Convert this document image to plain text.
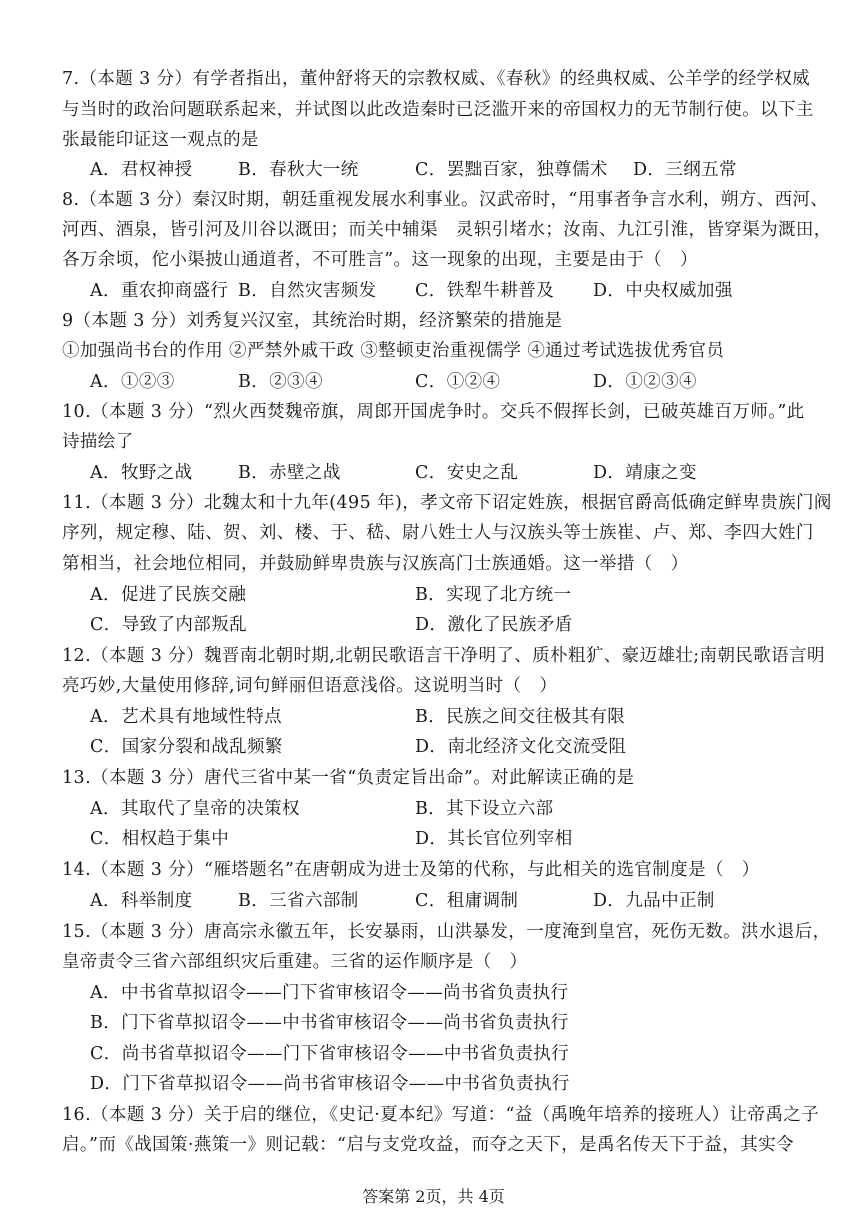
7.（本题 3 分）有学者指出，董仲舒将天的宗教权威、《春秋》的经典权威、公羊学的经学权威
与当时的政治问题联系起来，并试图以此改造秦时已泛滥开来的帝国权力的无节制行使。以下主
张最能印证这一观点的是
A．君权神授	B．春秋大一统	C．罢黜百家，独尊儒术 D．三纲五常
8.（本题 3 分）秦汉时期，朝廷重视发展水利事业。汉武帝时，“用事者争言水利，朔方、西河、
河西、酒泉，皆引河及川谷以溉田；而关中辅渠　灵轵引堵水；汝南、九江引淮，皆穿渠为溉田，
各万余顷，佗小渠披山通道者，不可胜言”。这一现象的出现，主要是由于（　）
A．重农抑商盛行 B．自然灾害频发 C．铁犁牛耕普及 D．中央权威加强
9（本题 3 分）刘秀复兴汉室，其统治时期，经济繁荣的措施是
①加强尚书台的作用 ②严禁外戚干政 ③整顿吏治重视儒学 ④通过考试选拔优秀官员
A．①②③	B．②③④	C．①②④	D．①②③④
10.（本题 3 分）“烈火西焚魏帝旗，周郎开国虎争时。交兵不假挥长剑，已破英雄百万师。”此
诗描绘了
A．牧野之战	B．赤壁之战	C．安史之乱	D．靖康之变
11.（本题 3 分）北魏太和十九年(495 年)，孝文帝下诏定姓族，根据官爵高低确定鲜卑贵族门阀
序列，规定穆、陆、贺、刘、楼、于、嵇、尉八姓士人与汉族头等士族崔、卢、郑、李四大姓门
第相当，社会地位相同，并鼓励鲜卑贵族与汉族高门士族通婚。这一举措（　）
A．促进了民族交融	B．实现了北方统一
C．导致了内部叛乱	D．激化了民族矛盾
12.（本题 3 分）魏晋南北朝时期,北朝民歌语言干净明了、质朴粗犷、豪迈雄壮;南朝民歌语言明
亮巧妙,大量使用修辞,词句鲜丽但语意浅俗。这说明当时（　）
A．艺术具有地域性特点	B．民族之间交往极其有限
C．国家分裂和战乱频繁	D．南北经济文化交流受阻
13.（本题 3 分）唐代三省中某一省“负责定旨出命”。对此解读正确的是
A．其取代了皇帝的决策权	B．其下设立六部
C．相权趋于集中	D．其长官位列宰相
14.（本题 3 分）“雁塔题名”在唐朝成为进士及第的代称，与此相关的选官制度是（　）
A．科举制度	B．三省六部制	C．租庸调制	D．九品中正制
15.（本题 3 分）唐高宗永徽五年，长安暴雨，山洪暴发，一度淹到皇宫，死伤无数。洪水退后，
皇帝责令三省六部组织灾后重建。三省的运作顺序是（　）
A．中书省草拟诏令——门下省审核诏令——尚书省负责执行
B．门下省草拟诏令——中书省审核诏令——尚书省负责执行
C．尚书省草拟诏令——门下省审核诏令——中书省负责执行
D．门下省草拟诏令——尚书省审核诏令——中书省负责执行
16.（本题 3 分）关于启的继位，《史记·夏本纪》写道：“益（禹晚年培养的接班人）让帝禹之子
启。”而《战国策·燕策一》则记载：“启与支党攻益，而夺之天下，是禹名传天下于益，其实令
答案第 2页，共 4页
